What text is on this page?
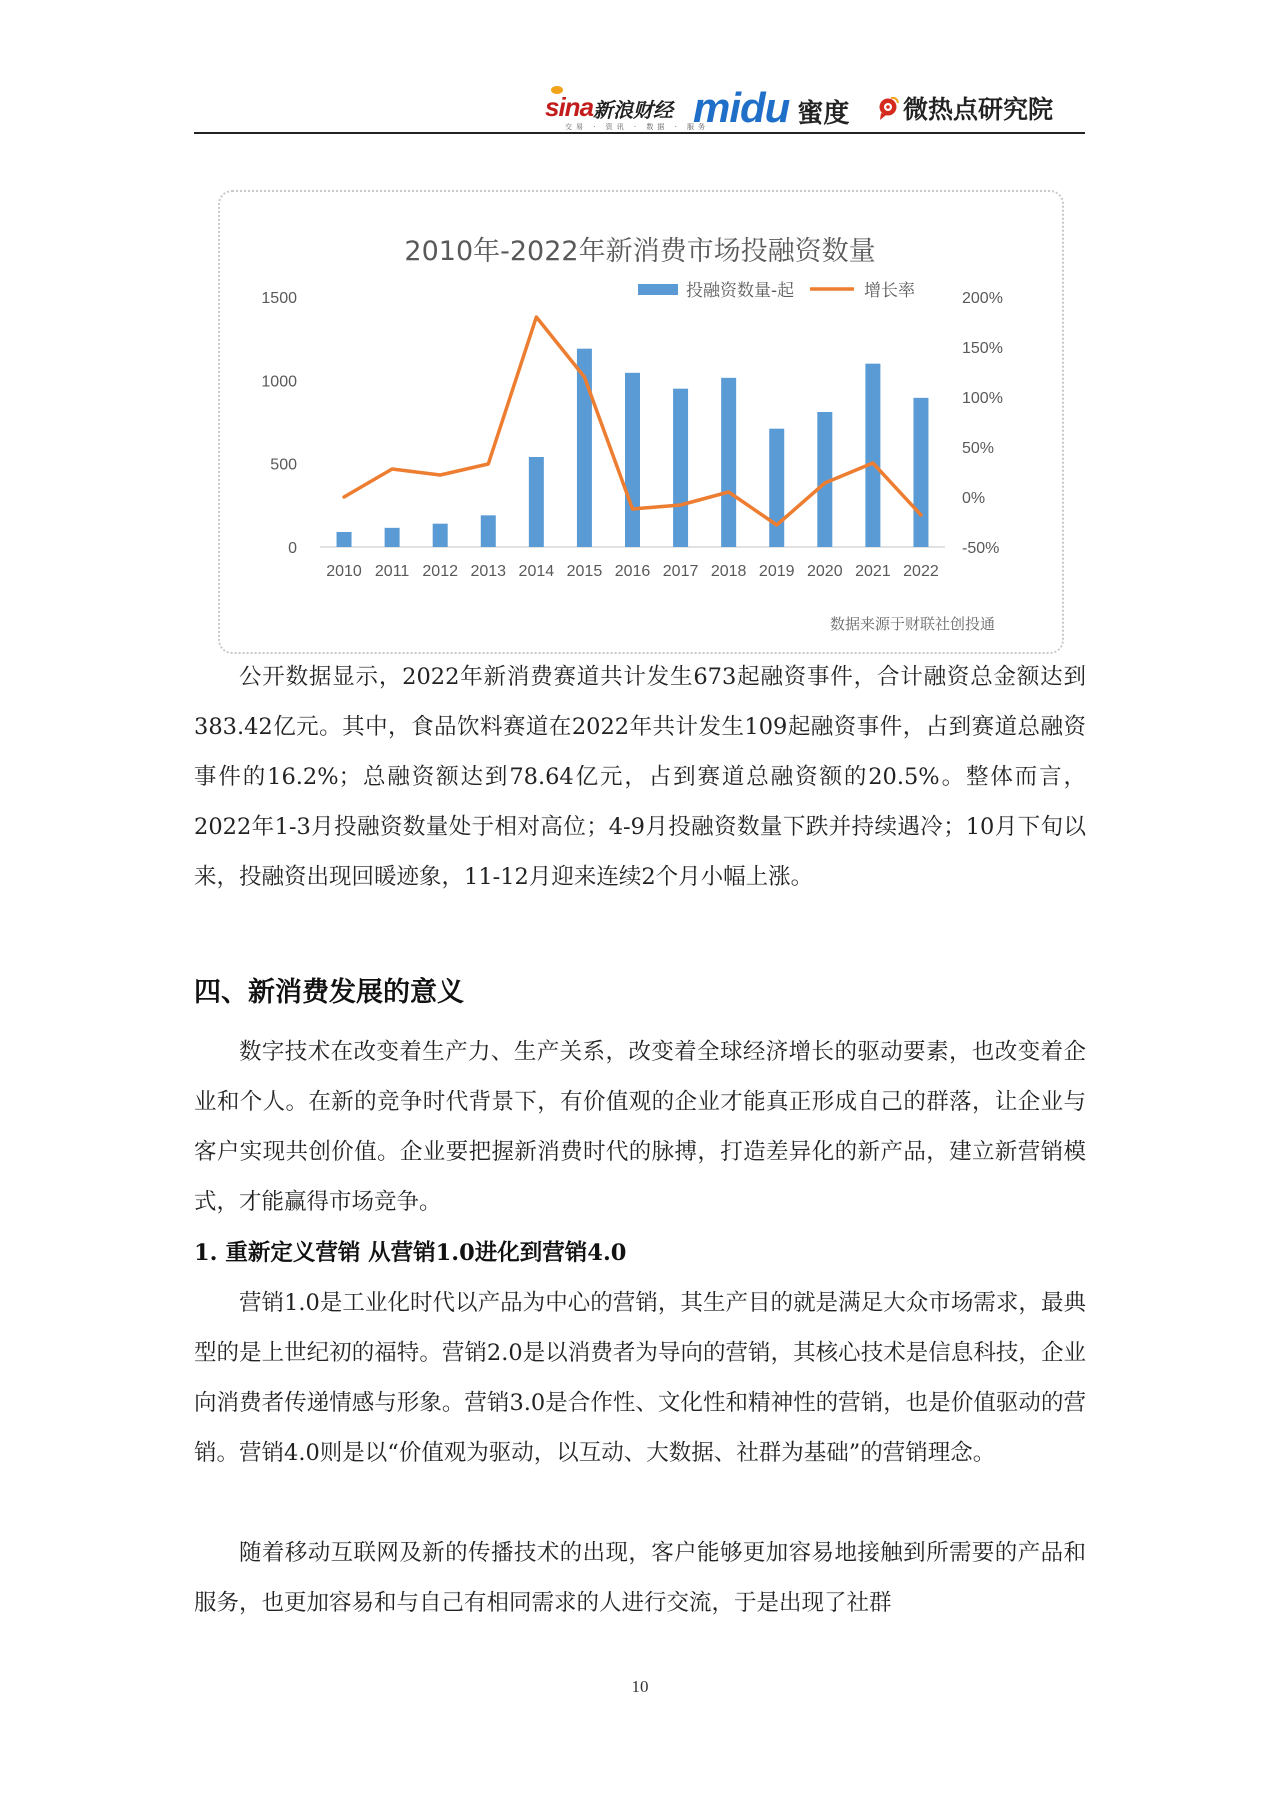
sina 新浪财经
交易 · 资讯 · 数据 · 服务
midu 蜜度	微热点研究院
2010年-2022年新消费市场投融资数量
0
500
1000
1500
-50%
0%
50%
100%
150%
200%
2010 2011 2012 2013 2014 2015 2016 2017 2018 2019 2020 2021 2022
投融资数量-起	增长率
数据来源于财联社创投通

公开数据显示，2022年新消费赛道共计发生673起融资事件，合计融资总金额达到383.42亿元。其中，食品饮料赛道在2022年共计发生109起融资事件，占到赛道总融资事件的16.2%；总融资额达到78.64亿元，占到赛道总融资额的20.5%。整体而言，2022年1-3月投融资数量处于相对高位；4-9月投融资数量下跌并持续遇冷；10月下旬以来，投融资出现回暖迹象，11-12月迎来连续2个月小幅上涨。

四、新消费发展的意义

数字技术在改变着生产力、生产关系，改变着全球经济增长的驱动要素，也改变着企业和个人。在新的竞争时代背景下，有价值观的企业才能真正形成自己的群落，让企业与客户实现共创价值。企业要把握新消费时代的脉搏，打造差异化的新产品，建立新营销模式，才能赢得市场竞争。

1. 重新定义营销 从营销1.0进化到营销4.0

营销1.0是工业化时代以产品为中心的营销，其生产目的就是满足大众市场需求，最典型的是上世纪初的福特。营销2.0是以消费者为导向的营销，其核心技术是信息科技，企业向消费者传递情感与形象。营销3.0是合作性、文化性和精神性的营销，也是价值驱动的营销。营销4.0则是以“价值观为驱动，以互动、大数据、社群为基础”的营销理念。

随着移动互联网及新的传播技术的出现，客户能够更加容易地接触到所需要的产品和服务，也更加容易和与自己有相同需求的人进行交流，于是出现了社群

10
